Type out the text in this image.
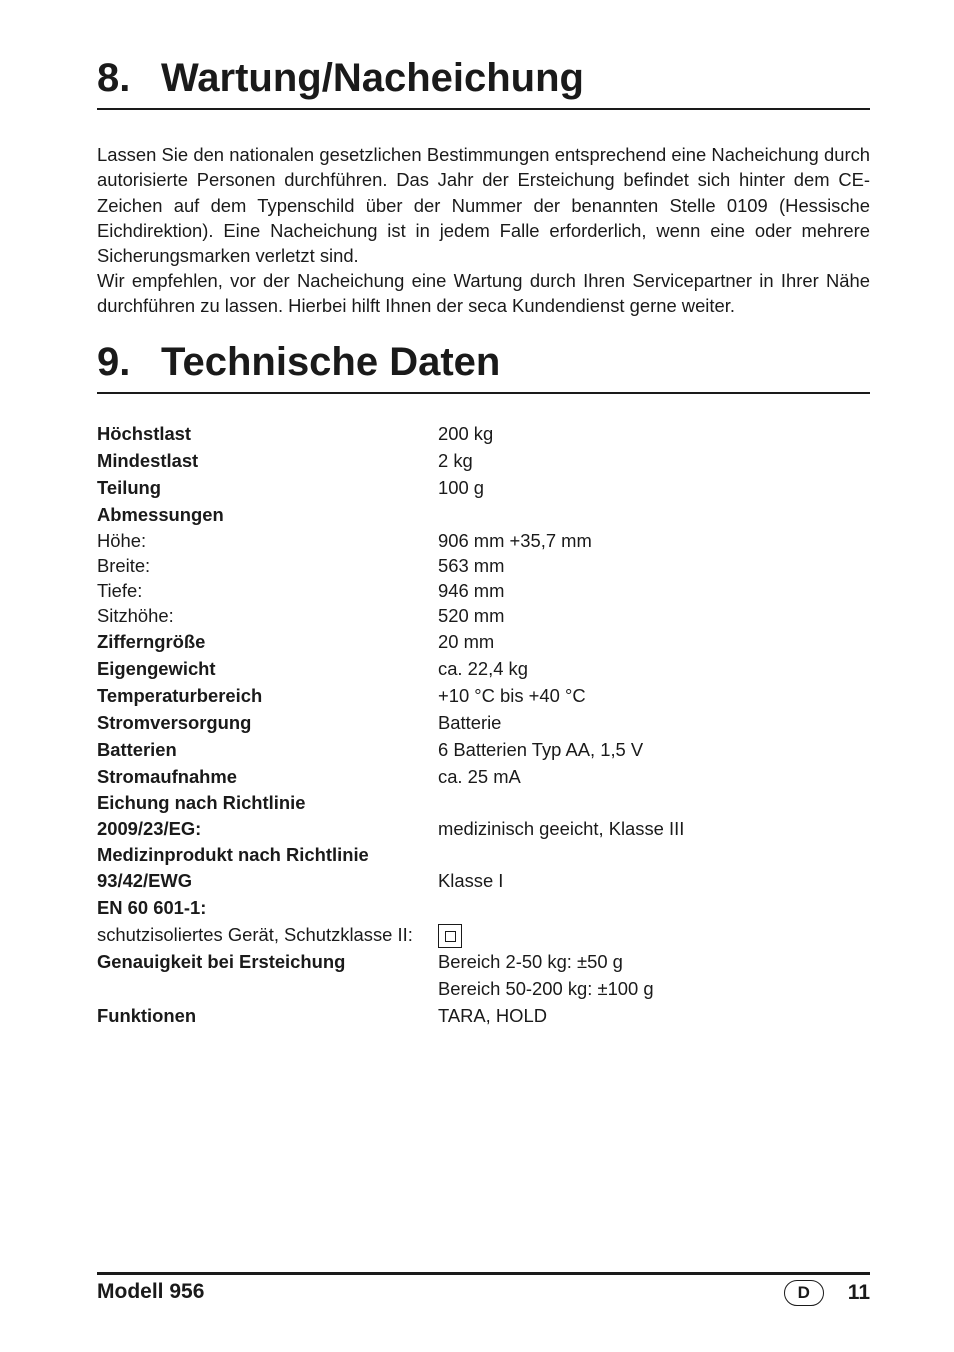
8. Wartung/Nacheichung
Lassen Sie den nationalen gesetzlichen Bestimmungen entsprechend eine Nacheichung durch autorisierte Personen durchführen. Das Jahr der Ersteichung befindet sich hinter dem CE-Zeichen auf dem Typenschild über der Nummer der benannten Stelle 0109 (Hessische Eichdirektion). Eine Nacheichung ist in jedem Falle erforderlich, wenn eine oder mehrere Sicherungsmarken verletzt sind.
Wir empfehlen, vor der Nacheichung eine Wartung durch Ihren Servicepartner in Ihrer Nähe durchführen zu lassen. Hierbei hilft Ihnen der seca Kundendienst gerne weiter.
9. Technische Daten
Höchstlast	200 kg
Mindestlast	2 kg
Teilung	100 g
Abmessungen
Höhe:	906 mm +35,7 mm
Breite:	563 mm
Tiefe:	946 mm
Sitzhöhe:	520 mm
Zifferngröße	20 mm
Eigengewicht	ca. 22,4 kg
Temperaturbereich	+10 °C bis +40 °C
Stromversorgung	Batterie
Batterien	6 Batterien Typ AA, 1,5 V
Stromaufnahme	ca. 25 mA
Eichung nach Richtlinie
2009/23/EG:	medizinisch geeicht, Klasse III
Medizinprodukt nach Richtlinie
93/42/EWG	Klasse I
EN 60 601-1:
schutzisoliertes Gerät, Schutzklasse II:
Genauigkeit bei Ersteichung	Bereich 2-50 kg: ±50 g
Bereich 50-200 kg: ±100 g
Funktionen	TARA, HOLD
Modell 956	D	11
